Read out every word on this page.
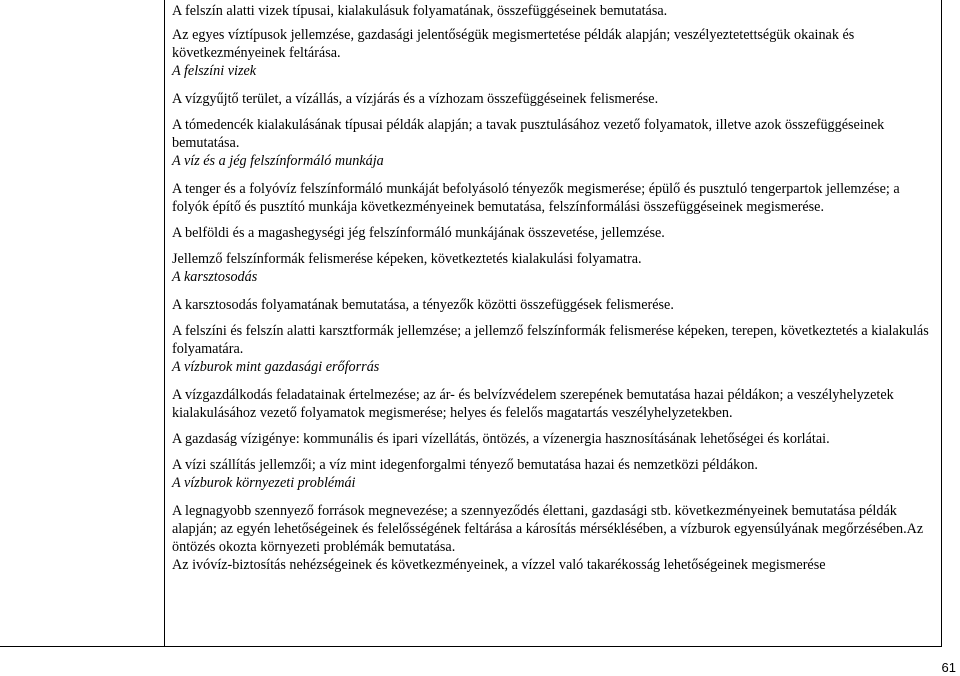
A felszín alatti vizek típusai, kialakulásuk folyamatának, összefüggéseinek bemutatása.

Az egyes víztípusok jellemzése, gazdasági jelentőségük megismertetése példák alapján; veszélyeztetettségük okainak és következményeinek feltárása.

A felszíni vizek

A vízgyűjtő terület, a vízállás, a vízjárás és a vízhozam összefüggéseinek felismerése.

A tómedencék kialakulásának típusai példák alapján; a tavak pusztulásához vezető folyamatok, illetve azok összefüggéseinek bemutatása.

A víz és a jég felszínformáló munkája

A tenger és a folyóvíz felszínformáló munkáját befolyásoló tényezők megismerése; épülő és pusztuló tengerpartok jellemzése; a folyók építő és pusztító munkája következményeinek bemutatása, felszínformálási összefüggéseinek megismerése.

A belföldi és a magashegységi jég felszínformáló munkájának összevetése, jellemzése.

Jellemző felszínformák felismerése képeken, következtetés kialakulási folyamatra.

A karsztosodás

A karsztosodás folyamatának bemutatása, a tényezők közötti összefüggések felismerése.

A felszíni és felszín alatti karsztformák jellemzése; a jellemző felszínformák felismerése képeken, terepen, következtetés a kialakulás folyamatára.

A vízburok mint gazdasági erőforrás

A vízgazdálkodás feladatainak értelmezése; az ár- és belvízvédelem szerepének bemutatása hazai példákon; a veszélyhelyzetek kialakulásához vezető folyamatok megismerése; helyes és felelős magatartás veszélyhelyzetekben.

A gazdaság vízigénye: kommunális és ipari vízellátás, öntözés, a vízenergia hasznosításának lehetőségei és korlátai.

A vízi szállítás jellemzői; a víz mint idegenforgalmi tényező bemutatása hazai és nemzetközi példákon.

A vízburok környezeti problémái

A legnagyobb szennyező források megnevezése; a szennyeződés élettani, gazdasági stb. következményeinek bemutatása példák alapján; az egyén lehetőségeinek és felelősségének feltárása a károsítás mérséklésében, a vízburok egyensúlyának megőrzésében.Az öntözés okozta környezeti problémák bemutatása.

Az ivóvíz-biztosítás nehézségeinek és következményeinek, a vízzel való takarékosság lehetőségeinek megismerése

61
